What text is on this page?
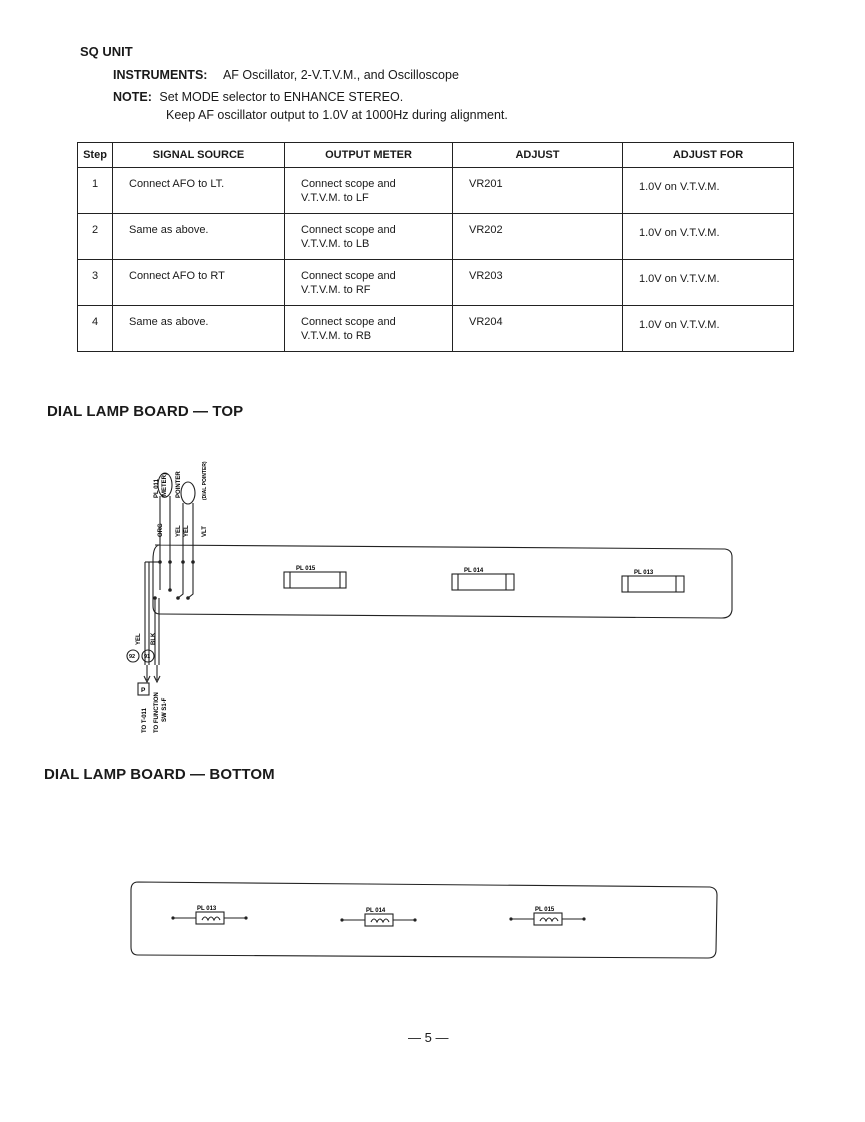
SQ UNIT
INSTRUMENTS: AF Oscillator, 2-V.T.V.M., and Oscilloscope
NOTE: Set MODE selector to ENHANCE STEREO.
Keep AF oscillator output to 1.0V at 1000Hz during alignment.
Step	SIGNAL SOURCE	OUTPUT METER	ADJUST	ADJUST FOR

1	Connect AFO to LT.	Connect scope and
V.T.V.M. to LF	VR201	1.0V on V.T.V.M.

2	Same as above.	Connect scope and
V.T.V.M. to LB	VR202	1.0V on V.T.V.M.

3	Connect AFO to RT	Connect scope and
V.T.V.M. to RF	VR203	1.0V on V.T.V.M.

4	Same as above.	Connect scope and
V.T.V.M. to RB	VR204	1.0V on V.T.V.M.
DIAL LAMP BOARD — TOP
PL 015	PL 014	PL 013
PL 011 (METER) POINTER	(DIAL POINTER)
ORG YEL YEL VLT
YEL BLK
92 91
P
TO T-011 TO FUNCTION SW S1-F
DIAL LAMP BOARD — BOTTOM
PL 013	PL 014	PL 015
— 5 —
